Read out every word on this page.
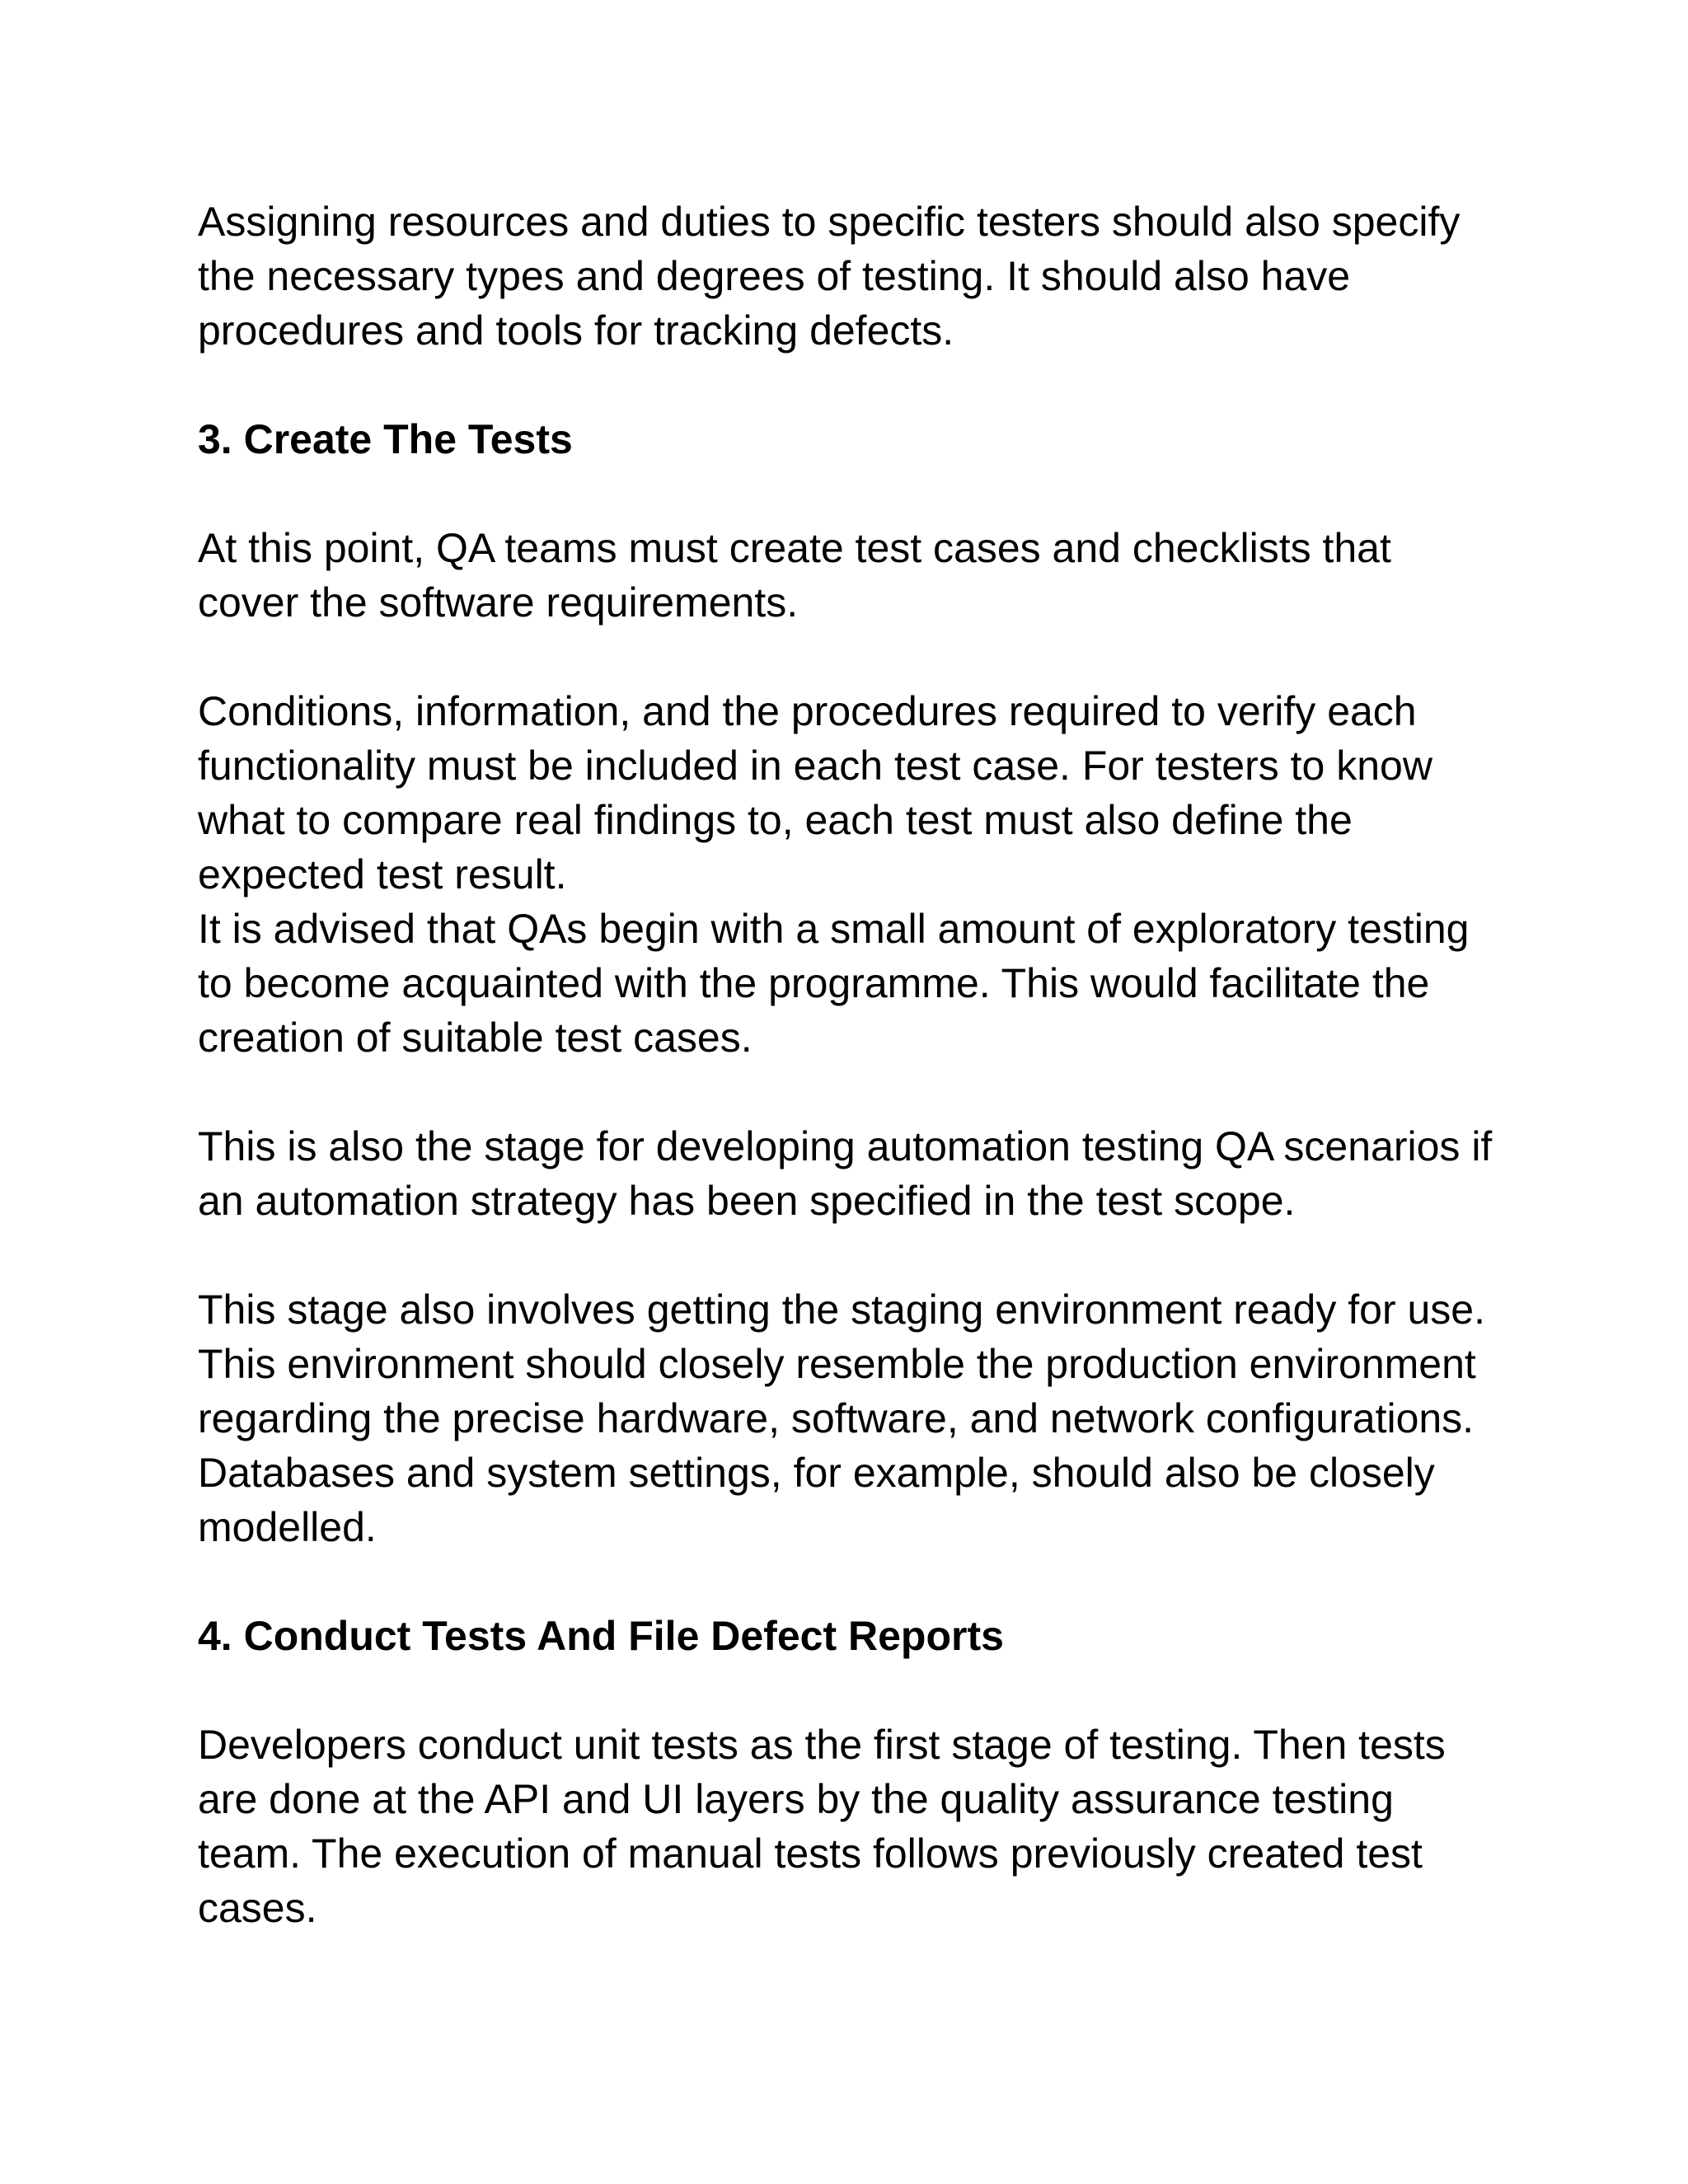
Assigning resources and duties to specific testers should also specify the necessary types and degrees of testing. It should also have procedures and tools for tracking defects.

3. Create The Tests

At this point, QA teams must create test cases and checklists that cover the software requirements.

Conditions, information, and the procedures required to verify each functionality must be included in each test case. For testers to know what to compare real findings to, each test must also define the expected test result.

It is advised that QAs begin with a small amount of exploratory testing to become acquainted with the programme. This would facilitate the creation of suitable test cases.

This is also the stage for developing automation testing QA scenarios if an automation strategy has been specified in the test scope.

This stage also involves getting the staging environment ready for use. This environment should closely resemble the production environment regarding the precise hardware, software, and network configurations. Databases and system settings, for example, should also be closely modelled.

4. Conduct Tests And File Defect Reports

Developers conduct unit tests as the first stage of testing. Then tests are done at the API and UI layers by the quality assurance testing team. The execution of manual tests follows previously created test cases.
